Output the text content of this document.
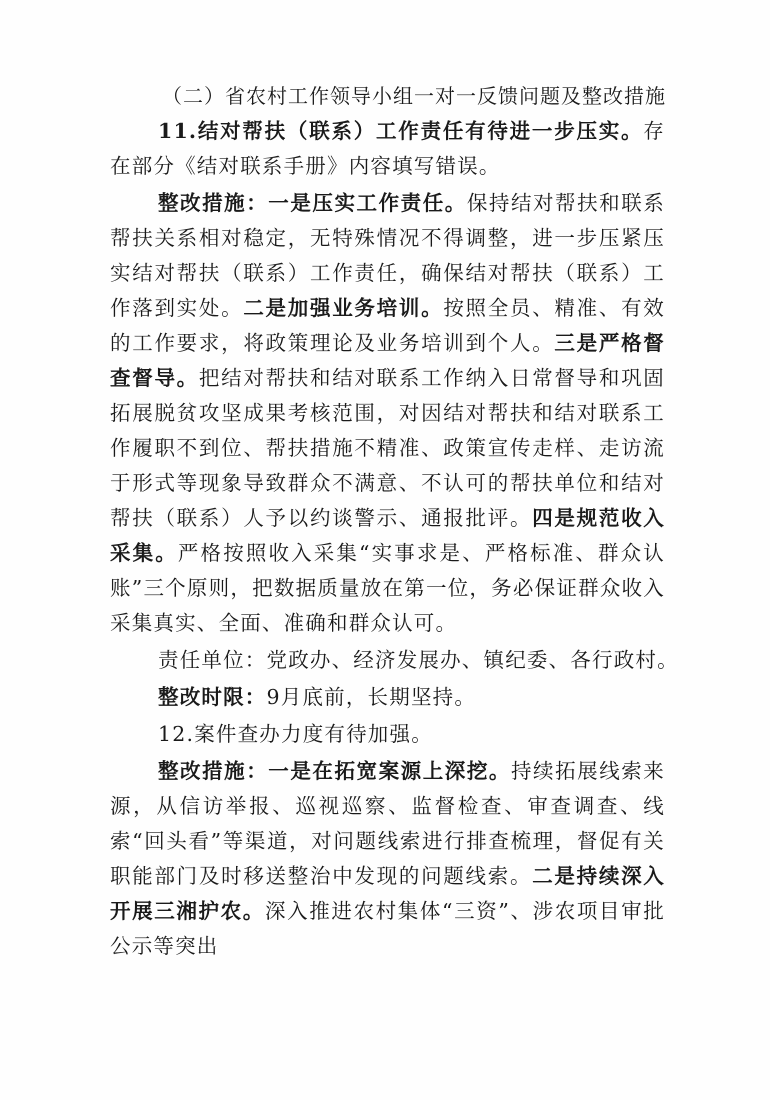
（二）省农村工作领导小组一对一反馈问题及整改措施

11.结对帮扶（联系）工作责任有待进一步压实。存在部分《结对联系手册》内容填写错误。

整改措施：一是压实工作责任。保持结对帮扶和联系帮扶关系相对稳定，无特殊情况不得调整，进一步压紧压实结对帮扶（联系）工作责任，确保结对帮扶（联系）工作落到实处。二是加强业务培训。按照全员、精准、有效的工作要求，将政策理论及业务培训到个人。三是严格督查督导。把结对帮扶和结对联系工作纳入日常督导和巩固拓展脱贫攻坚成果考核范围，对因结对帮扶和结对联系工作履职不到位、帮扶措施不精准、政策宣传走样、走访流于形式等现象导致群众不满意、不认可的帮扶单位和结对帮扶（联系）人予以约谈警示、通报批评。四是规范收入采集。严格按照收入采集“实事求是、严格标准、群众认账”三个原则，把数据质量放在第一位，务必保证群众收入采集真实、全面、准确和群众认可。

责任单位：党政办、经济发展办、镇纪委、各行政村。

整改时限：9月底前，长期坚持。

12.案件查办力度有待加强。

整改措施：一是在拓宽案源上深挖。持续拓展线索来源，从信访举报、巡视巡察、监督检查、审查调查、线索“回头看”等渠道，对问题线索进行排查梳理，督促有关职能部门及时移送整治中发现的问题线索。二是持续深入开展三湘护农。深入推进农村集体“三资”、涉农项目审批公示等突出
